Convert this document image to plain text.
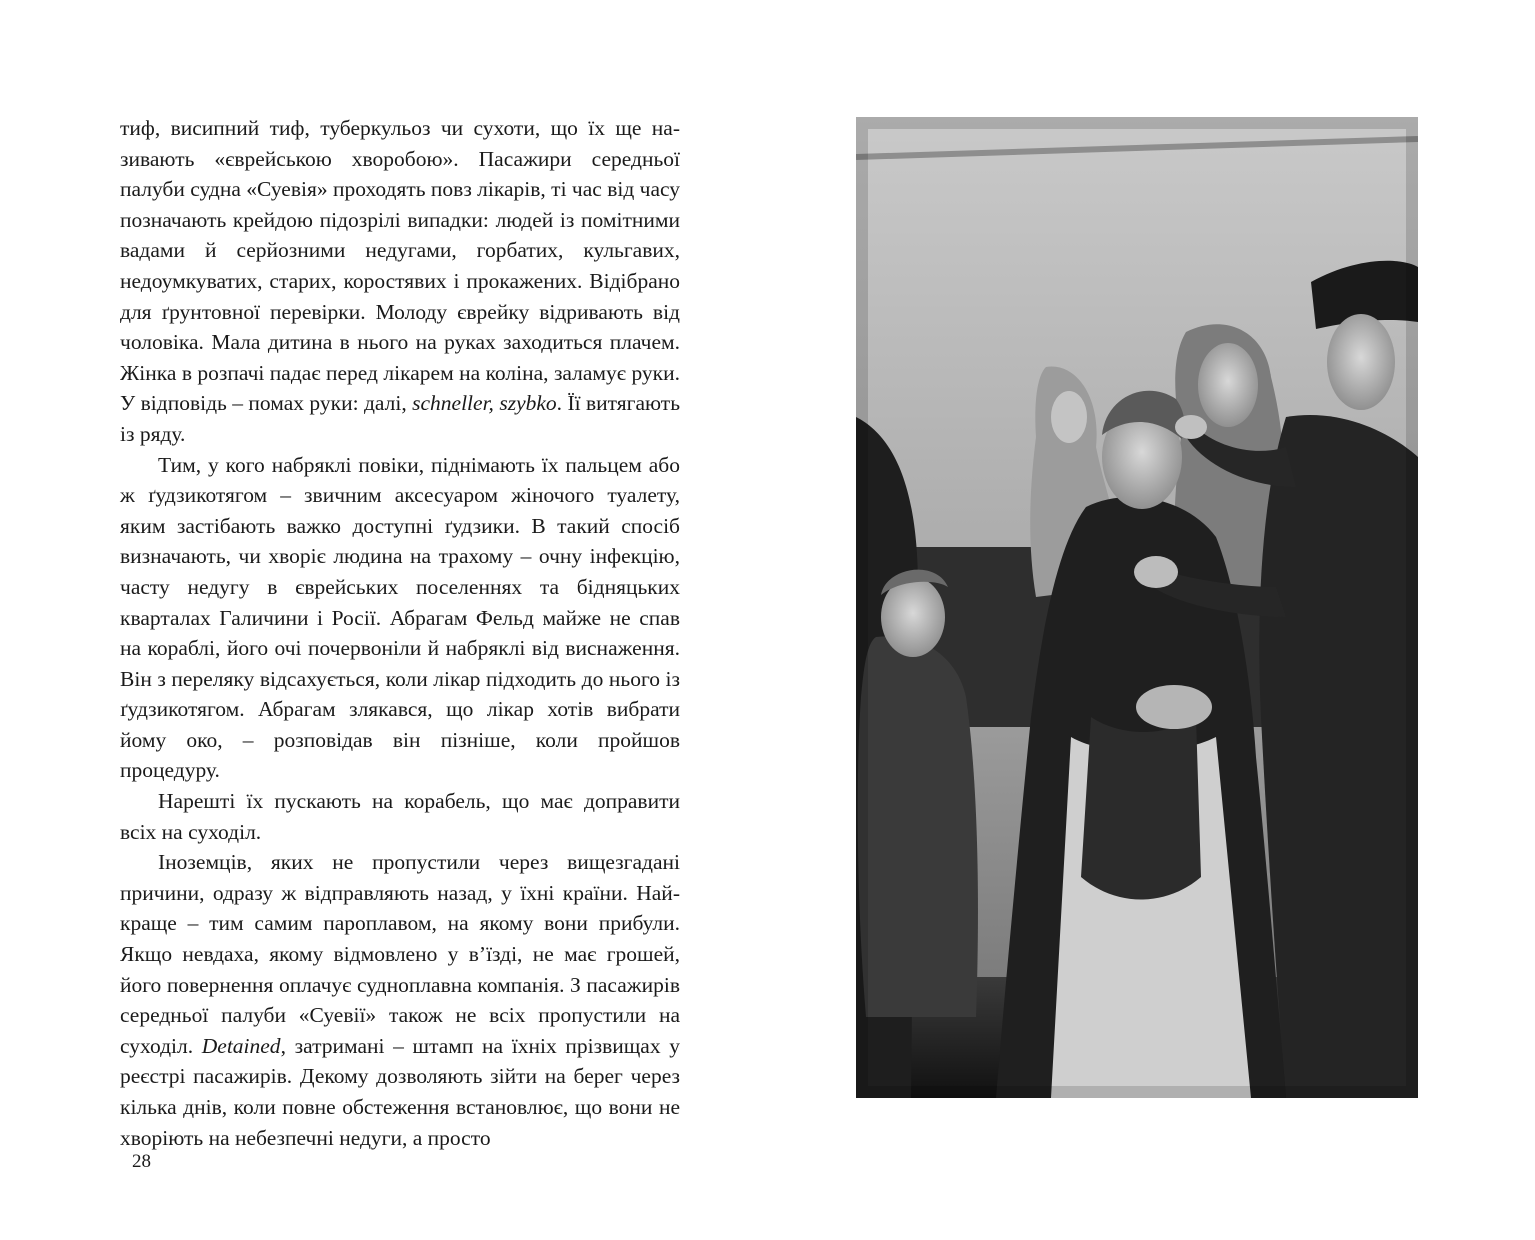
тиф, висипний тиф, туберкульоз чи сухоти, що їх ще називають «єврейською хворобою». Пасажири середньої палуби судна «Суевія» проходять повз лікарів, ті час від часу позначають крейдою підозрілі випадки: людей із помітними вадами й серйозними недугами, горбатих, кульгавих, недоумкуватих, старих, коростявих і прокажених. Відібрано для ґрунтовної перевірки. Молоду єврейку відривають від чоловіка. Мала дитина в нього на руках заходиться плачем. Жінка в розпачі падає перед лікарем на коліна, заламує руки. У відповідь – помах руки: далі, schneller, szybko. Її витягають із ряду.

Тим, у кого набряклі повіки, піднімають їх пальцем або ж ґудзикотягом – звичним аксесуаром жіночого туалету, яким застібають важко доступні ґудзики. В такий спосіб визначають, чи хворіє людина на трахому – очну інфекцію, часту недугу в єврейських поселеннях та бідняцьких кварталах Галичини і Росії. Абрагам Фельд майже не спав на кораблі, його очі почервоніли й набряклі від виснаження. Він з переляку відсахується, коли лікар підходить до нього із ґудзикотягом. Абрагам злякався, що лікар хотів вибрати йому око, – розповідав він пізніше, коли пройшов процедуру.

Нарешті їх пускають на корабель, що має доправити всіх на суходіл.

Іноземців, яких не пропустили через вищезгадані причини, одразу ж відправляють назад, у їхні країни. Найкраще – тим самим пароплавом, на якому вони прибули. Якщо невдаха, якому відмовлено у в’їзді, не має грошей, його повернення оплачує судноплавна компанія. З пасажирів середньої палуби «Суевії» також не всіх пропустили на суходіл. Detained, затримані – штамп на їхніх прізвищах у реєстрі пасажирів. Декому дозволяють зійти на берег через кілька днів, коли повне обстеження встановлює, що вони не хворіють на небезпечні недуги, а просто

28
